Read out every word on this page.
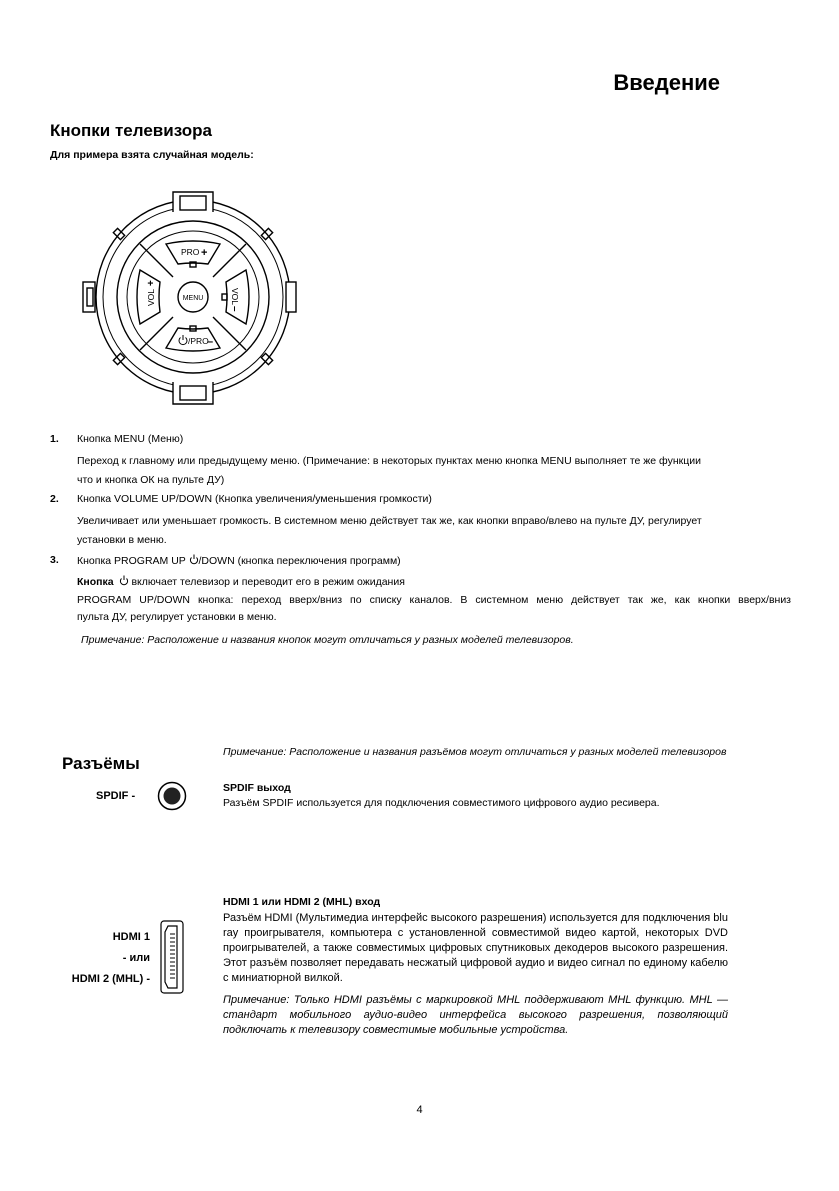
Введение
Кнопки телевизора
Для примера взята случайная модель:
PRO +
MENU
VOL
+
VOL
–
/PRO
–
1. Кнопка MENU (Меню)
Переход к главному или предыдущему меню. (Примечание: в некоторых пунктах меню кнопка MENU выполняет те же функции
что и кнопка ОК на пульте ДУ)
2. Кнопка VOLUME UP/DOWN (Кнопка увеличения/уменьшения громкости)
Увеличивает или уменьшает громкость. В системном меню действует так же, как кнопки вправо/влево на пульте ДУ, регулирует
установки в меню.
3. Кнопка PROGRAM UP /DOWN (кнопка переключения программ)
Кнопка  включает телевизор и переводит его в режим ожидания
PROGRAM UP/DOWN кнопка: переход вверх/вниз по списку каналов. В системном меню действует так же, как кнопки вверх/вниз
пульта ДУ, регулирует установки в меню.
Примечание: Расположение и названия кнопок могут отличаться у разных моделей телевизоров.
Разъёмы
Примечание: Расположение и названия разъёмов могут отличаться у разных моделей телевизоров
SPDIF -
SPDIF выход
Разъём SPDIF используется для подключения совместимого цифрового аудио ресивера.
HDMI 1 или HDMI 2 (MHL) вход
Разъём HDMI (Мультимедиа интерфейс высокого разрешения) используется для подключения blu ray проигрывателя, компьютера с установленной совместимой видео картой, некоторых DVD проигрывателей, а также совместимых цифровых спутниковых декодеров высокого разрешения. Этот разъём позволяет передавать несжатый цифровой аудио и видео сигнал по единому кабелю с миниатюрной вилкой.
Примечание: Только HDMI разъёмы с маркировкой MHL поддерживают MHL функцию. MHL — стандарт мобильного аудио-видео интерфейса высокого разрешения, позволяющий подключать к телевизору совместимые мобильные устройства.
HDMI 1
- или
HDMI 2 (MHL) -
4
